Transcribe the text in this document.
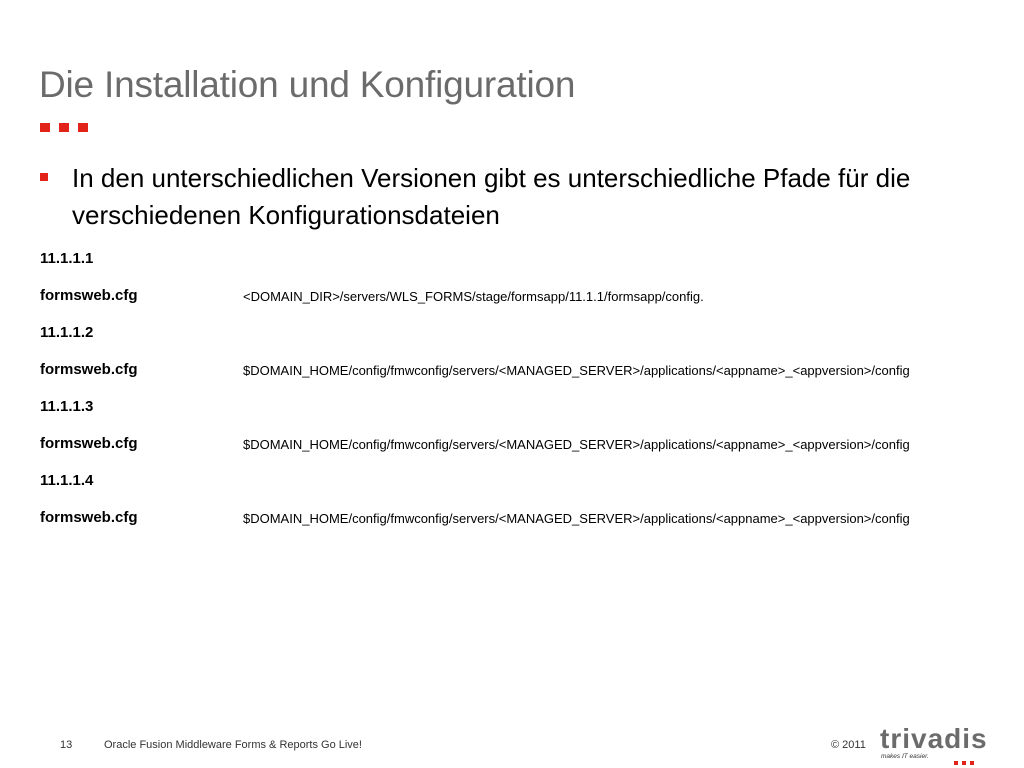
Die Installation und Konfiguration
In den unterschiedlichen Versionen gibt es unterschiedliche Pfade für die verschiedenen Konfigurationsdateien
11.1.1.1
formsweb.cfg	<DOMAIN_DIR>/servers/WLS_FORMS/stage/formsapp/11.1.1/formsapp/config.
11.1.1.2
formsweb.cfg	$DOMAIN_HOME/config/fmwconfig/servers/<MANAGED_SERVER>/applications/<appname>_<appversion>/config
11.1.1.3
formsweb.cfg	$DOMAIN_HOME/config/fmwconfig/servers/<MANAGED_SERVER>/applications/<appname>_<appversion>/config
11.1.1.4
formsweb.cfg	$DOMAIN_HOME/config/fmwconfig/servers/<MANAGED_SERVER>/applications/<appname>_<appversion>/config
13	Oracle Fusion Middleware Forms & Reports Go Live!	© 2011 trivadis
makes IT easier.
